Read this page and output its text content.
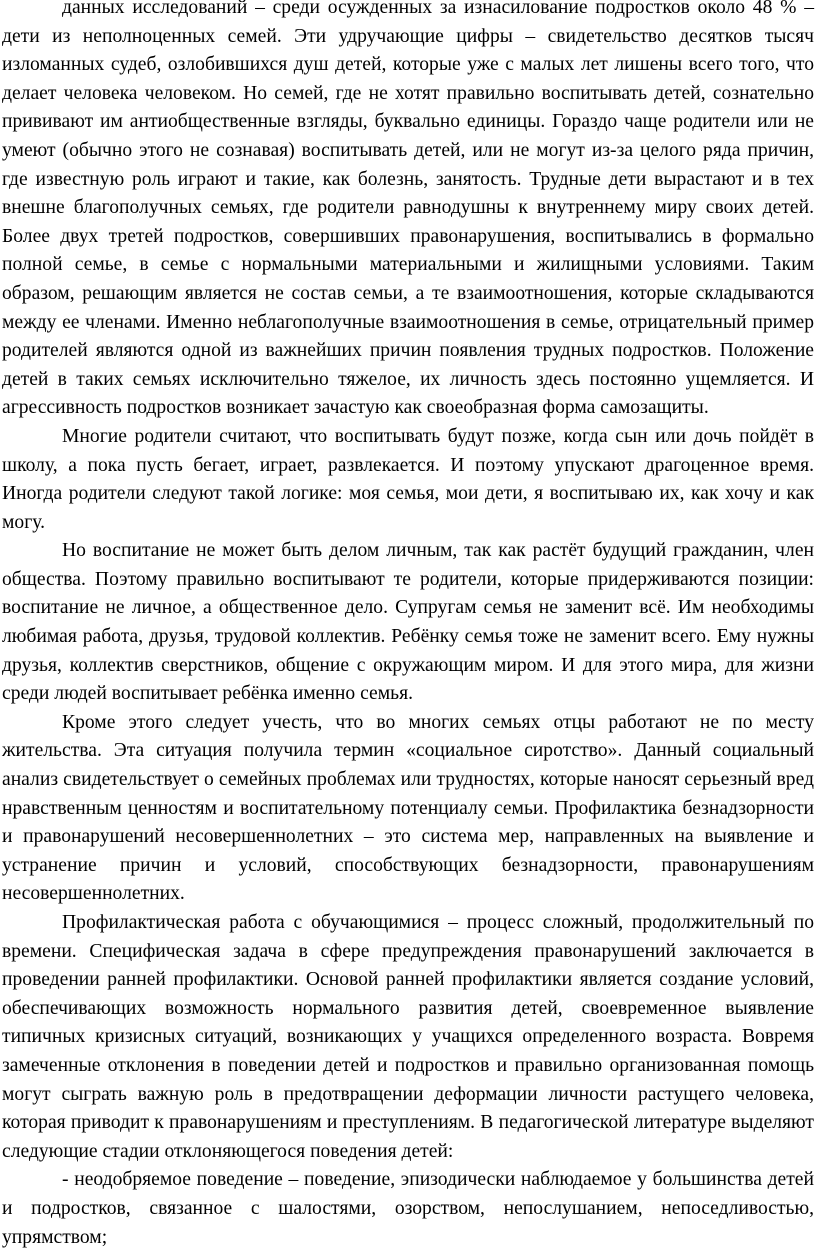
данных исследований – среди осужденных за изнасилование подростков около 48 % – дети из неполноценных семей. Эти удручающие цифры – свидетельство десятков тысяч изломанных судеб, озлобившихся душ детей, которые уже с малых лет лишены всего того, что делает человека человеком. Но семей, где не хотят правильно воспитывать детей, сознательно прививают им антиобщественные взгляды, буквально единицы. Гораздо чаще родители или не умеют (обычно этого не сознавая) воспитывать детей, или не могут из-за целого ряда причин, где известную роль играют и такие, как болезнь, занятость. Трудные дети вырастают и в тех внешне благополучных семьях, где родители равнодушны к внутреннему миру своих детей. Более двух третей подростков, совершивших правонарушения, воспитывались в формально полной семье, в семье с нормальными материальными и жилищными условиями. Таким образом, решающим является не состав семьи, а те взаимоотношения, которые складываются между ее членами. Именно неблагополучные взаимоотношения в семье, отрицательный пример родителей являются одной из важнейших причин появления трудных подростков. Положение детей в таких семьях исключительно тяжелое, их личность здесь постоянно ущемляется. И агрессивность подростков возникает зачастую как своеобразная форма самозащиты.

Многие родители считают, что воспитывать будут позже, когда сын или дочь пойдёт в школу, а пока пусть бегает, играет, развлекается. И поэтому упускают драгоценное время. Иногда родители следуют такой логике: моя семья, мои дети, я воспитываю их, как хочу и как могу.

Но воспитание не может быть делом личным, так как растёт будущий гражданин, член общества. Поэтому правильно воспитывают те родители, которые придерживаются позиции: воспитание не личное, а общественное дело. Супругам семья не заменит всё. Им необходимы любимая работа, друзья, трудовой коллектив. Ребёнку семья тоже не заменит всего. Ему нужны друзья, коллектив сверстников, общение с окружающим миром. И для этого мира, для жизни среди людей воспитывает ребёнка именно семья.

Кроме этого следует учесть, что во многих семьях отцы работают не по месту жительства. Эта ситуация получила термин «социальное сиротство». Данный социальный анализ свидетельствует о семейных проблемах или трудностях, которые наносят серьезный вред нравственным ценностям и воспитательному потенциалу семьи. Профилактика безнадзорности и правонарушений несовершеннолетних – это система мер, направленных на выявление и устранение причин и условий, способствующих безнадзорности, правонарушениям несовершеннолетних.

Профилактическая работа с обучающимися – процесс сложный, продолжительный по времени. Специфическая задача в сфере предупреждения правонарушений заключается в проведении ранней профилактики. Основой ранней профилактики является создание условий, обеспечивающих возможность нормального развития детей, своевременное выявление типичных кризисных ситуаций, возникающих у учащихся определенного возраста. Вовремя замеченные отклонения в поведении детей и подростков и правильно организованная помощь могут сыграть важную роль в предотвращении деформации личности растущего человека, которая приводит к правонарушениям и преступлениям. В педагогической литературе выделяют следующие стадии отклоняющегося поведения детей:

- неодобряемое поведение – поведение, эпизодически наблюдаемое у большинства детей и подростков, связанное с шалостями, озорством, непослушанием, непоседливостью, упрямством;
